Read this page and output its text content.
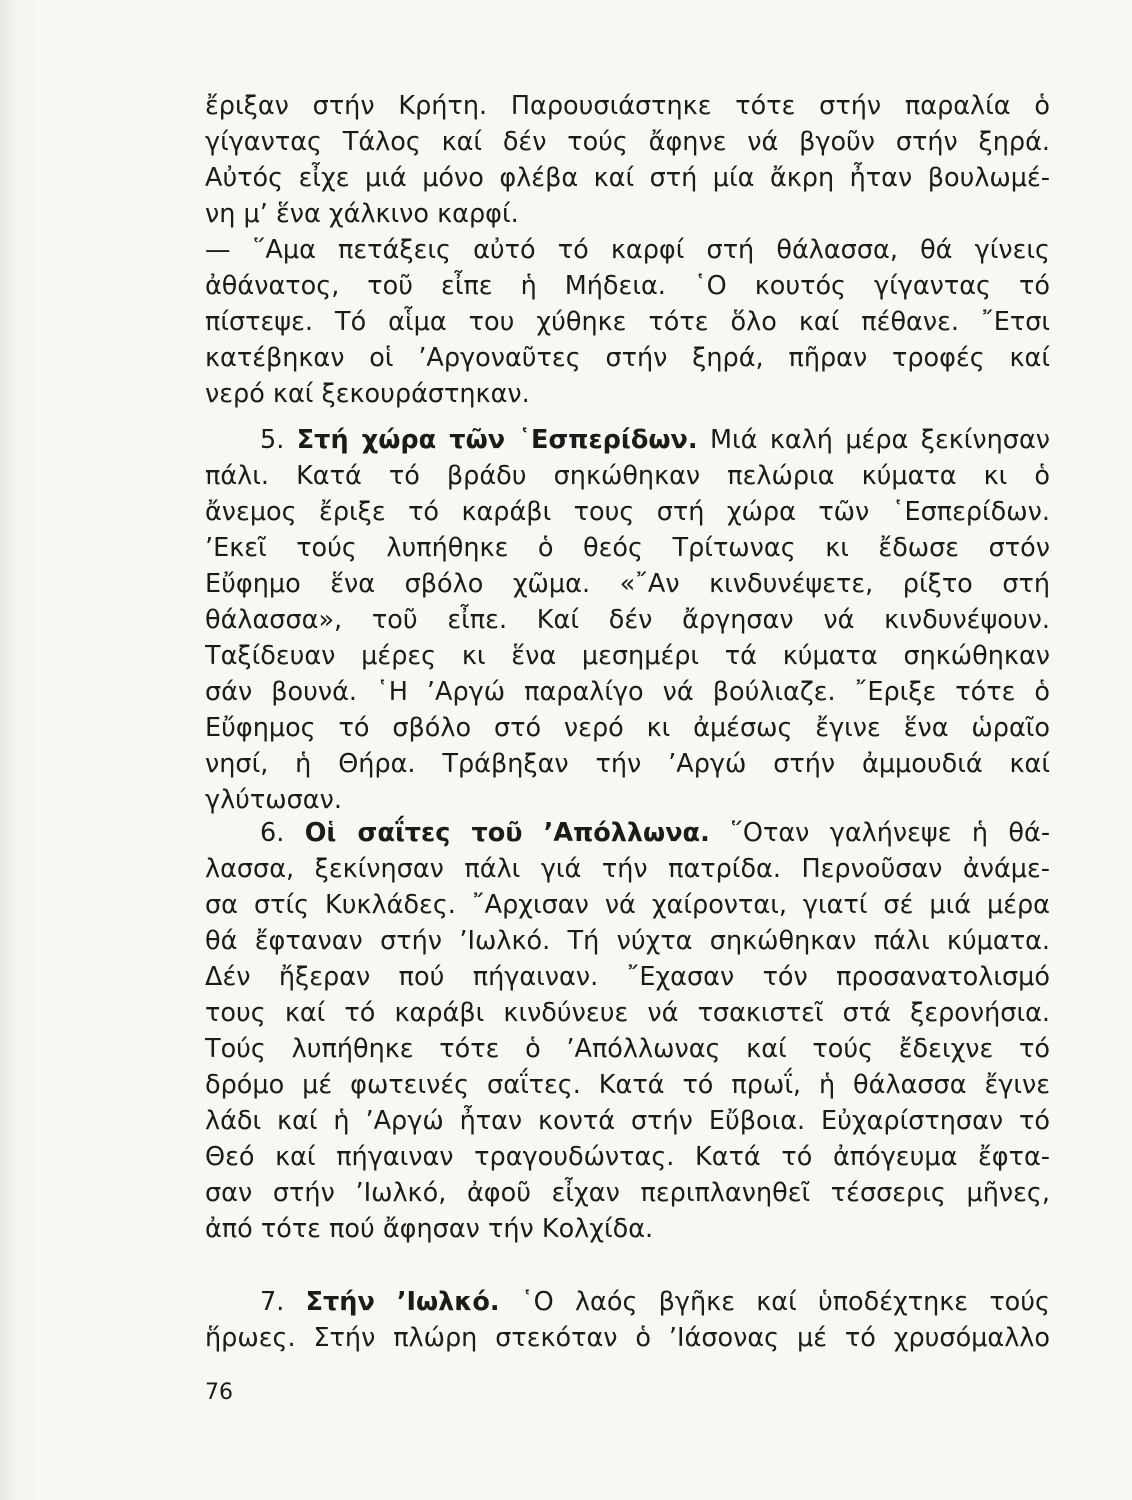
ἔριξαν στήν Κρήτη. Παρουσιάστηκε τότε στήν παραλία ὁ
γίγαντας Τάλος καί δέν τούς ἄφηνε νά βγοῦν στήν ξηρά.
Αὐτός εἶχε μιά μόνο φλέβα καί στή μία ἄκρη ἦταν βουλωμέ-
νη μ’ ἕνα χάλκινο καρφί.
— ῞Αμα πετάξεις αὐτό τό καρφί στή θάλασσα, θά γίνεις
ἀθάνατος, τοῦ εἶπε ἡ Μήδεια. ῾Ο κουτός γίγαντας τό
πίστεψε. Τό αἷμα του χύθηκε τότε ὅλο καί πέθανε. ῎Ετσι
κατέβηκαν οἱ ’Αργοναῦτες στήν ξηρά, πῆραν τροφές καί
νερό καί ξεκουράστηκαν.
5. Στή χώρα τῶν ῾Εσπερίδων. Μιά καλή μέρα ξεκίνησαν
πάλι. Κατά τό βράδυ σηκώθηκαν πελώρια κύματα κι ὁ
ἄνεμος ἔριξε τό καράβι τους στή χώρα τῶν ῾Εσπερίδων.
’Εκεῖ τούς λυπήθηκε ὁ θεός Τρίτωνας κι ἔδωσε στόν
Εὔφημο ἕνα σβόλο χῶμα. «῎Αν κινδυνέψετε, ρίξτο στή
θάλασσα», τοῦ εἶπε. Καί δέν ἄργησαν νά κινδυνέψουν.
Ταξίδευαν μέρες κι ἕνα μεσημέρι τά κύματα σηκώθηκαν
σάν βουνά. ῾Η ’Αργώ παραλίγο νά βούλιαζε. ῎Εριξε τότε ὁ
Εὔφημος τό σβόλο στό νερό κι ἀμέσως ἔγινε ἕνα ὡραῖο
νησί, ἡ Θήρα. Τράβηξαν τήν ’Αργώ στήν ἀμμουδιά καί
γλύτωσαν.
6. Οἱ σαΐτες τοῦ ’Απόλλωνα. ῞Οταν γαλήνεψε ἡ θά-
λασσα, ξεκίνησαν πάλι γιά τήν πατρίδα. Περνοῦσαν ἀνάμε-
σα στίς Κυκλάδες. ῎Αρχισαν νά χαίρονται, γιατί σέ μιά μέρα
θά ἔφταναν στήν ’Ιωλκό. Τή νύχτα σηκώθηκαν πάλι κύματα.
Δέν ἤξεραν πού πήγαιναν. ῎Εχασαν τόν προσανατολισμό
τους καί τό καράβι κινδύνευε νά τσακιστεῖ στά ξερονήσια.
Τούς λυπήθηκε τότε ὁ ’Απόλλωνας καί τούς ἔδειχνε τό
δρόμο μέ φωτεινές σαΐτες. Κατά τό πρωΐ, ἡ θάλασσα ἔγινε
λάδι καί ἡ ’Αργώ ἦταν κοντά στήν Εὔβοια. Εὐχαρίστησαν τό
Θεό καί πήγαιναν τραγουδώντας. Κατά τό ἀπόγευμα ἔφτα-
σαν στήν ’Ιωλκό, ἀφοῦ εἶχαν περιπλανηθεῖ τέσσερις μῆνες,
ἀπό τότε πού ἄφησαν τήν Κολχίδα.
7. Στήν ’Ιωλκό. ῾Ο λαός βγῆκε καί ὑποδέχτηκε τούς
ἥρωες. Στήν πλώρη στεκόταν ὁ ’Ιάσονας μέ τό χρυσόμαλλο
76
